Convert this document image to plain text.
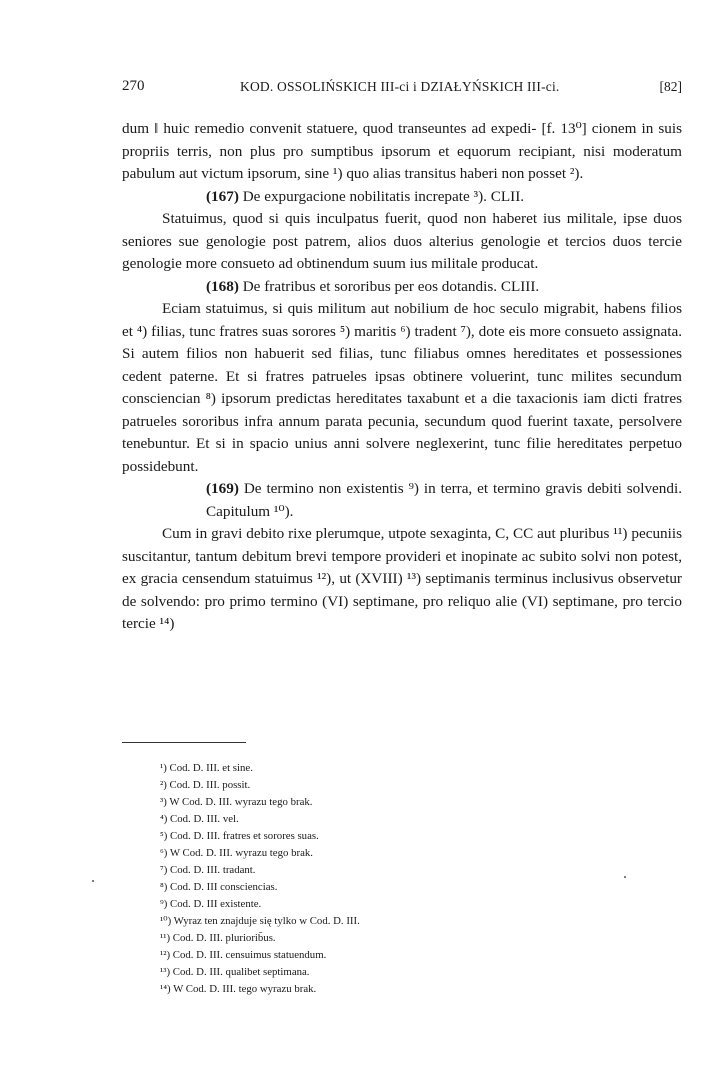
270	KOD. OSSOLIŃSKICH III-ci i DZIAŁYŃSKICH III-ci.	[82]

dum ‖ huic remedio convenit statuere, quod transeuntes ad expedi- [f. 13⁰] cionem in suis propriis terris, non plus pro sumptibus ipsorum et equorum recipiant, nisi moderatum pabulum aut victum ipsorum, sine ¹) quo alias transitus haberi non posset ²).

(167) De expurgacione nobilitatis increpate ³). CLII.

Statuimus, quod si quis inculpatus fuerit, quod non haberet ius militale, ipse duos seniores sue genologie post patrem, alios duos alterius genologie et tercios duos tercie genologie more consueto ad obtinendum suum ius militale producat.

(168) De fratribus et sororibus per eos dotandis. CLIII.

Eciam statuimus, si quis militum aut nobilium de hoc seculo migrabit, habens filios et ⁴) filias, tunc fratres suas sorores ⁵) maritis ⁶) tradent ⁷), dote eis more consueto assignata. Si autem filios non habuerit sed filias, tunc filiabus omnes hereditates et possessiones cedent paterne. Et si fratres patrueles ipsas obtinere voluerint, tunc milites secundum consciencian ⁸) ipsorum predictas hereditates taxabunt et a die taxacionis iam dicti fratres patrueles sororibus infra annum parata pecunia, secundum quod fuerint taxate, persolvere tenebuntur. Et si in spacio unius anni solvere neglexerint, tunc filie hereditates perpetuo possidebunt.

(169) De termino non existentis ⁹) in terra, et termino gravis debiti solvendi. Capitulum ¹⁰).

Cum in gravi debito rixe plerumque, utpote sexaginta, C, CC aut pluribus ¹¹) pecuniis suscitantur, tantum debitum brevi tempore provideri et inopinate ac subito solvi non potest, ex gracia censendum statuimus ¹²), ut (XVIII) ¹³) septimanis terminus inclusivus observetur de solvendo: pro primo termino (VI) septimane, pro reliquo alie (VI) septimane, pro tercio tercie ¹⁴)

¹) Cod. D. III. et sine.
²) Cod. D. III. possit.
³) W Cod. D. III. wyrazu tego brak.
⁴) Cod. D. III. vel.
⁵) Cod. D. III. fratres et sorores suas.
⁶) W Cod. D. III. wyrazu tego brak.
⁷) Cod. D. III. tradant.
⁸) Cod. D. III consciencias.
⁹) Cod. D. III existente.
¹⁰) Wyraz ten znajduje się tylko w Cod. D. III.
¹¹) Cod. D. III. pluriorib̄us.
¹²) Cod. D. III. censuimus statuendum.
¹³) Cod. D. III. qualibet septimana.
¹⁴) W Cod. D. III. tego wyrazu brak.
